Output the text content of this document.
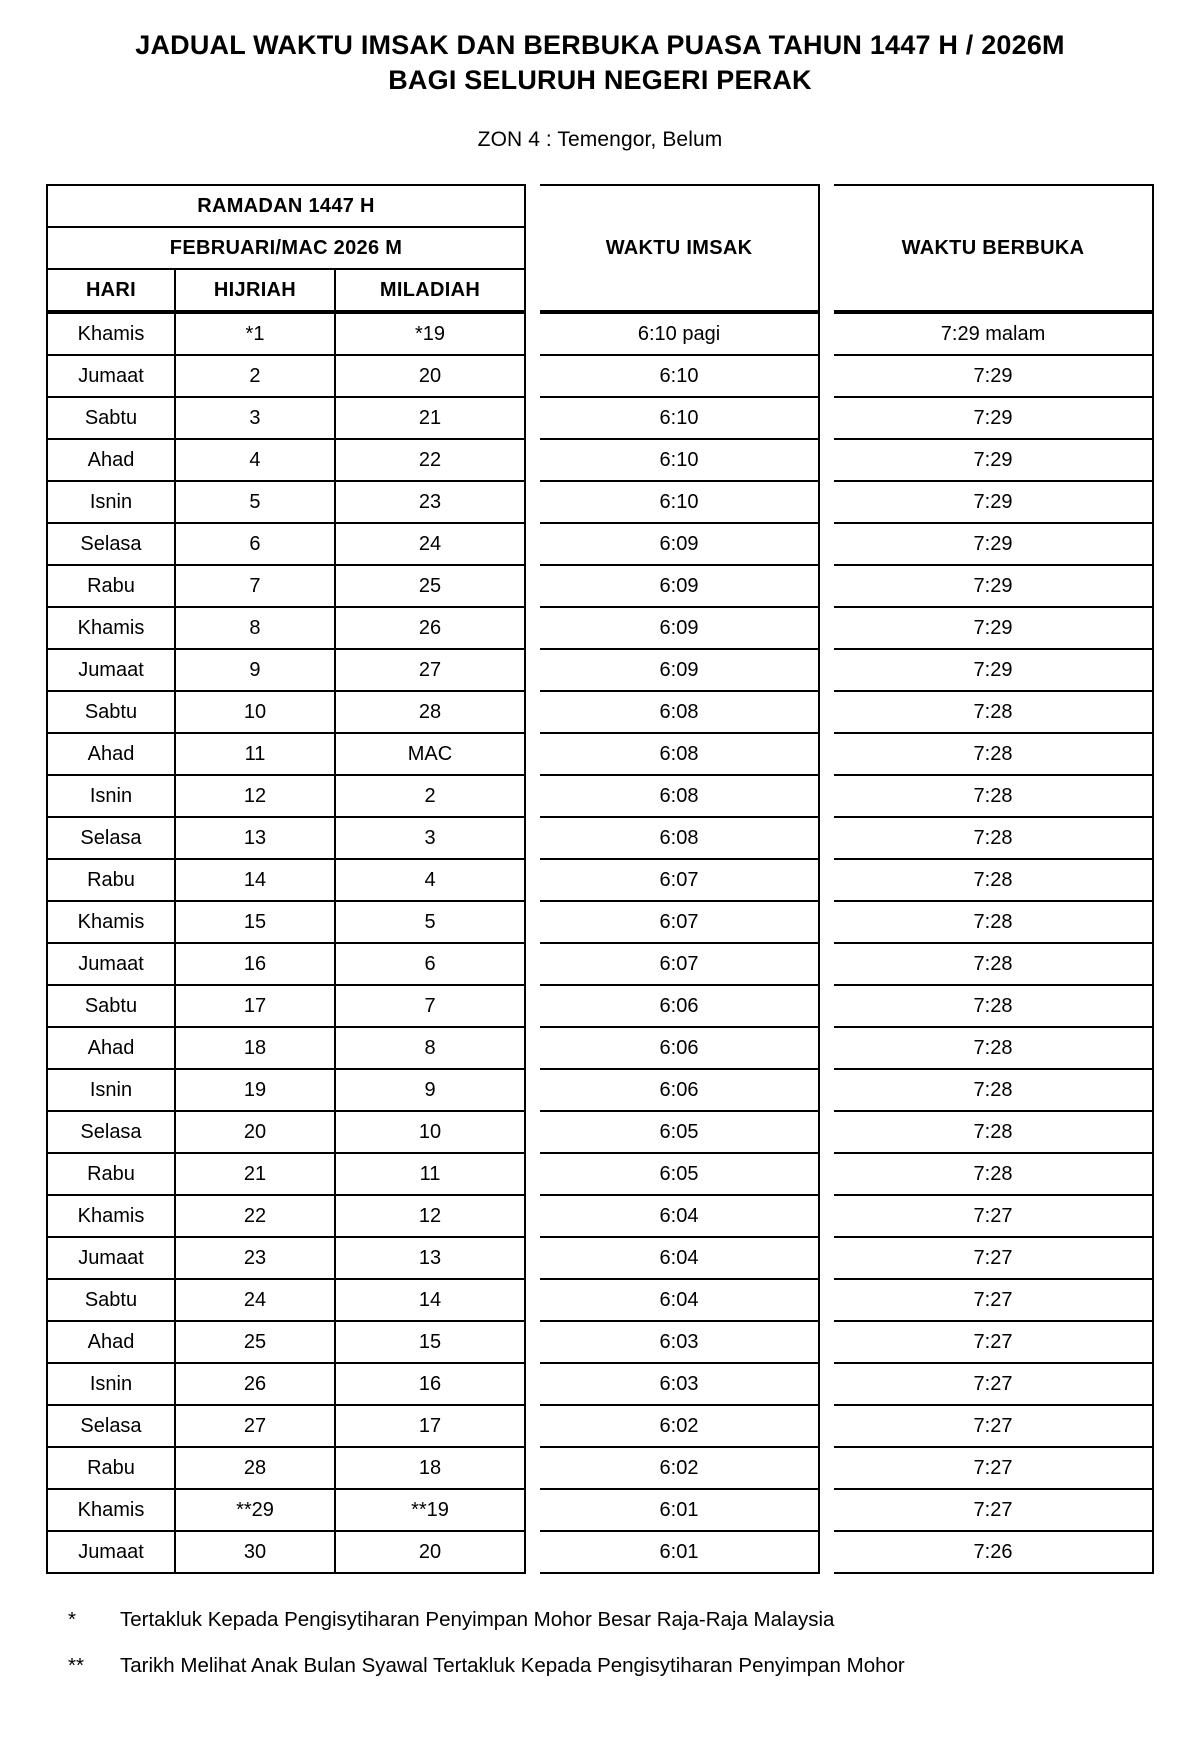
JADUAL WAKTU IMSAK DAN BERBUKA PUASA TAHUN 1447 H / 2026M
BAGI SELURUH NEGERI PERAK
ZON 4 : Temengor, Belum
RAMADAN 1447 H				WAKTU IMSAK		WAKTU BERBUKA
FEBRUARI/MAC 2026 M						
HARI	HIJRIAH	MILADIAH				
Khamis	*1	*19		6:10 pagi		7:29 malam
Jumaat	2	20		6:10		7:29
Sabtu	3	21		6:10		7:29
Ahad	4	22		6:10		7:29
Isnin	5	23		6:10		7:29
Selasa	6	24		6:09		7:29
Rabu	7	25		6:09		7:29
Khamis	8	26		6:09		7:29
Jumaat	9	27		6:09		7:29
Sabtu	10	28		6:08		7:28
Ahad	11	MAC		6:08		7:28
Isnin	12	2		6:08		7:28
Selasa	13	3		6:08		7:28
Rabu	14	4		6:07		7:28
Khamis	15	5		6:07		7:28
Jumaat	16	6		6:07		7:28
Sabtu	17	7		6:06		7:28
Ahad	18	8		6:06		7:28
Isnin	19	9		6:06		7:28
Selasa	20	10		6:05		7:28
Rabu	21	11		6:05		7:28
Khamis	22	12		6:04		7:27
Jumaat	23	13		6:04		7:27
Sabtu	24	14		6:04		7:27
Ahad	25	15		6:03		7:27
Isnin	26	16		6:03		7:27
Selasa	27	17		6:02		7:27
Rabu	28	18		6:02		7:27
Khamis	**29	**19		6:01		7:27
Jumaat	30	20		6:01		7:26
*	Tertakluk Kepada Pengisytiharan Penyimpan Mohor Besar Raja-Raja Malaysia
**	Tarikh Melihat Anak Bulan Syawal Tertakluk Kepada Pengisytiharan Penyimpan Mohor
